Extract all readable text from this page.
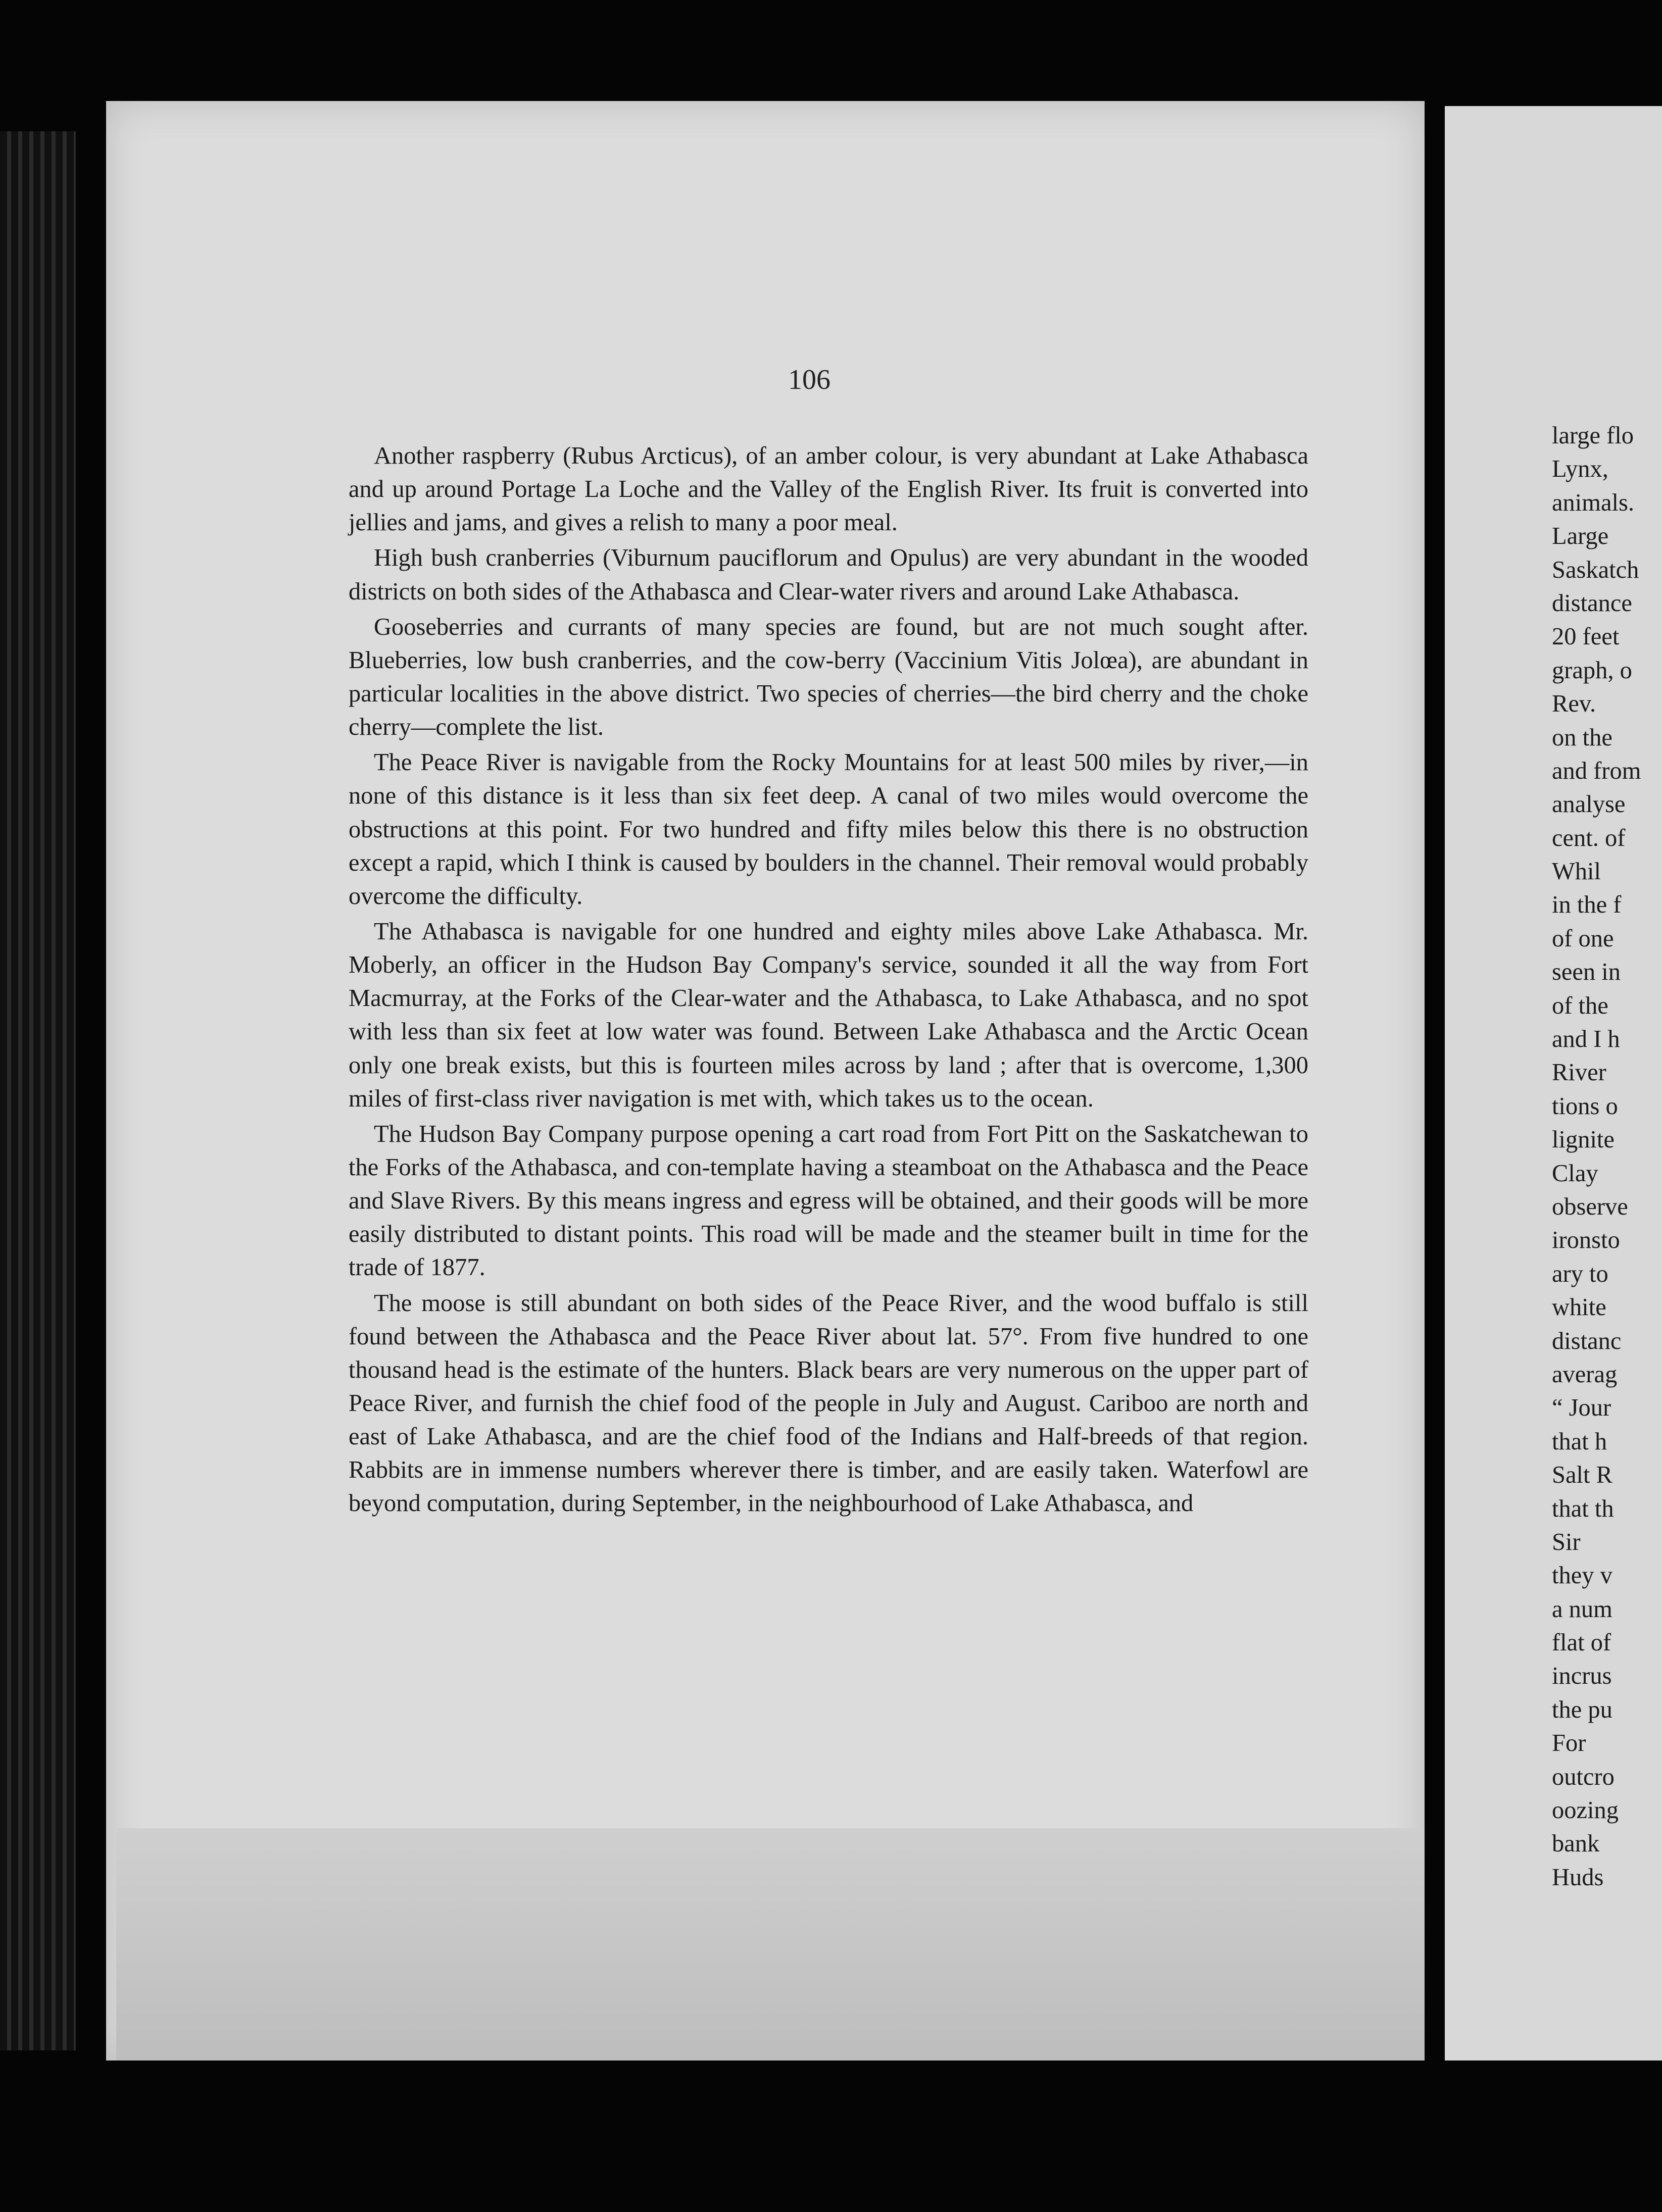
106

Another raspberry (Rubus Arcticus), of an amber colour, is very abundant at Lake Athabasca and up around Portage La Loche and the Valley of the English River. Its fruit is converted into jellies and jams, and gives a relish to many a poor meal.

High bush cranberries (Viburnum pauciflorum and Opulus) are very abundant in the wooded districts on both sides of the Athabasca and Clear-water rivers and around Lake Athabasca.

Gooseberries and currants of many species are found, but are not much sought after. Blueberries, low bush cranberries, and the cow-berry (Vaccinium Vitis Jolœa), are abundant in particular localities in the above district. Two species of cherries—the bird cherry and the choke cherry—complete the list.

The Peace River is navigable from the Rocky Mountains for at least 500 miles by river,—in none of this distance is it less than six feet deep. A canal of two miles would overcome the obstructions at this point. For two hundred and fifty miles below this there is no obstruction except a rapid, which I think is caused by boulders in the channel. Their removal would probably overcome the difficulty.

The Athabasca is navigable for one hundred and eighty miles above Lake Athabasca. Mr. Moberly, an officer in the Hudson Bay Company's service, sounded it all the way from Fort Macmurray, at the Forks of the Clear-water and the Athabasca, to Lake Athabasca, and no spot with less than six feet at low water was found. Between Lake Athabasca and the Arctic Ocean only one break exists, but this is fourteen miles across by land ; after that is overcome, 1,300 miles of first-class river navigation is met with, which takes us to the ocean.

The Hudson Bay Company purpose opening a cart road from Fort Pitt on the Saskatchewan to the Forks of the Athabasca, and con-template having a steamboat on the Athabasca and the Peace and Slave Rivers. By this means ingress and egress will be obtained, and their goods will be more easily distributed to distant points. This road will be made and the steamer built in time for the trade of 1877.

The moose is still abundant on both sides of the Peace River, and the wood buffalo is still found between the Athabasca and the Peace River about lat. 57°. From five hundred to one thousand head is the estimate of the hunters. Black bears are very numerous on the upper part of Peace River, and furnish the chief food of the people in July and August. Cariboo are north and east of Lake Athabasca, and are the chief food of the Indians and Half-breeds of that region. Rabbits are in immense numbers wherever there is timber, and are easily taken. Waterfowl are beyond computation, during September, in the neighbourhood of Lake Athabasca, and

large flo
Lynx,
animals.
Large
Saskatch
distance
20 feet
graph, o
Rev.
on the
and from
analyse
cent. of
Whil
in the f
of one
seen in
of the
and I h
River
tions o
lignite
Clay
observe
ironsto
ary to
white
distanc
averag
“ Jour
that h
Salt R
that th
Sir
they v
a num
flat of
incrus
the pu
For
outcro
oozing
bank
Huds
